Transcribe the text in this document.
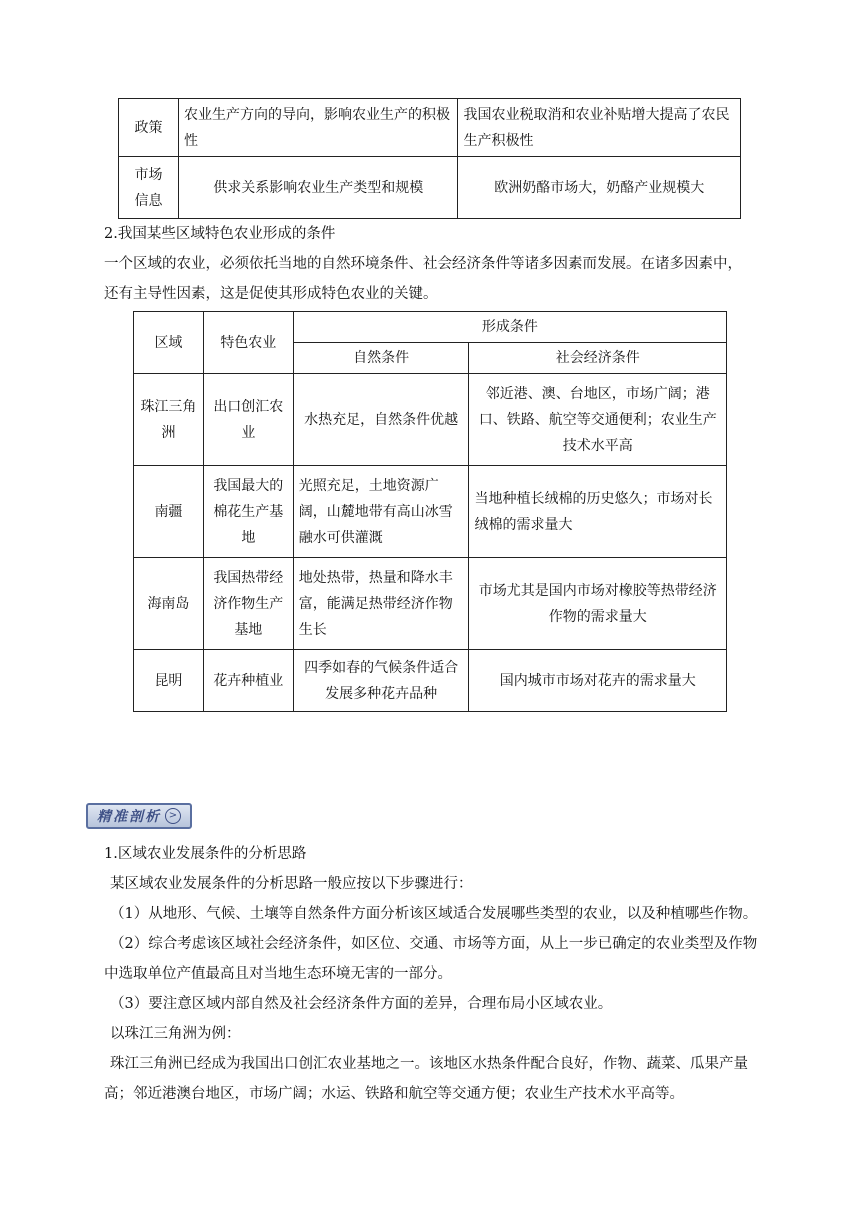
政策	农业生产方向的导向，影响农业生产的积极性	我国农业税取消和农业补贴增大提高了农民生产积极性
市场信息	供求关系影响农业生产类型和规模	欧洲奶酪市场大，奶酪产业规模大
2.我国某些区域特色农业形成的条件
一个区域的农业，必须依托当地的自然环境条件、社会经济条件等诸多因素而发展。在诸多因素中，
还有主导性因素，这是促使其形成特色农业的关键。
区域	特色农业	形成条件	
		自然条件	社会经济条件
珠江三角洲	出口创汇农业	水热充足，自然条件优越	邻近港、澳、台地区，市场广阔；港口、铁路、航空等交通便利；农业生产技术水平高
南疆	我国最大的棉花生产基地	光照充足，土地资源广阔，山麓地带有高山冰雪融水可供灌溉	当地种植长绒棉的历史悠久；市场对长绒棉的需求量大
海南岛	我国热带经济作物生产基地	地处热带，热量和降水丰富，能满足热带经济作物生长	市场尤其是国内市场对橡胶等热带经济作物的需求量大
昆明	花卉种植业	四季如春的气候条件适合发展多种花卉品种	国内城市市场对花卉的需求量大
精准剖析 >
1.区域农业发展条件的分析思路
某区域农业发展条件的分析思路一般应按以下步骤进行：
（1）从地形、气候、土壤等自然条件方面分析该区域适合发展哪些类型的农业，以及种植哪些作物。
（2）综合考虑该区域社会经济条件，如区位、交通、市场等方面，从上一步已确定的农业类型及作物
中选取单位产值最高且对当地生态环境无害的一部分。
（3）要注意区域内部自然及社会经济条件方面的差异，合理布局小区域农业。
以珠江三角洲为例：
珠江三角洲已经成为我国出口创汇农业基地之一。该地区水热条件配合良好，作物、蔬菜、瓜果产量
高；邻近港澳台地区，市场广阔；水运、铁路和航空等交通方便；农业生产技术水平高等。
